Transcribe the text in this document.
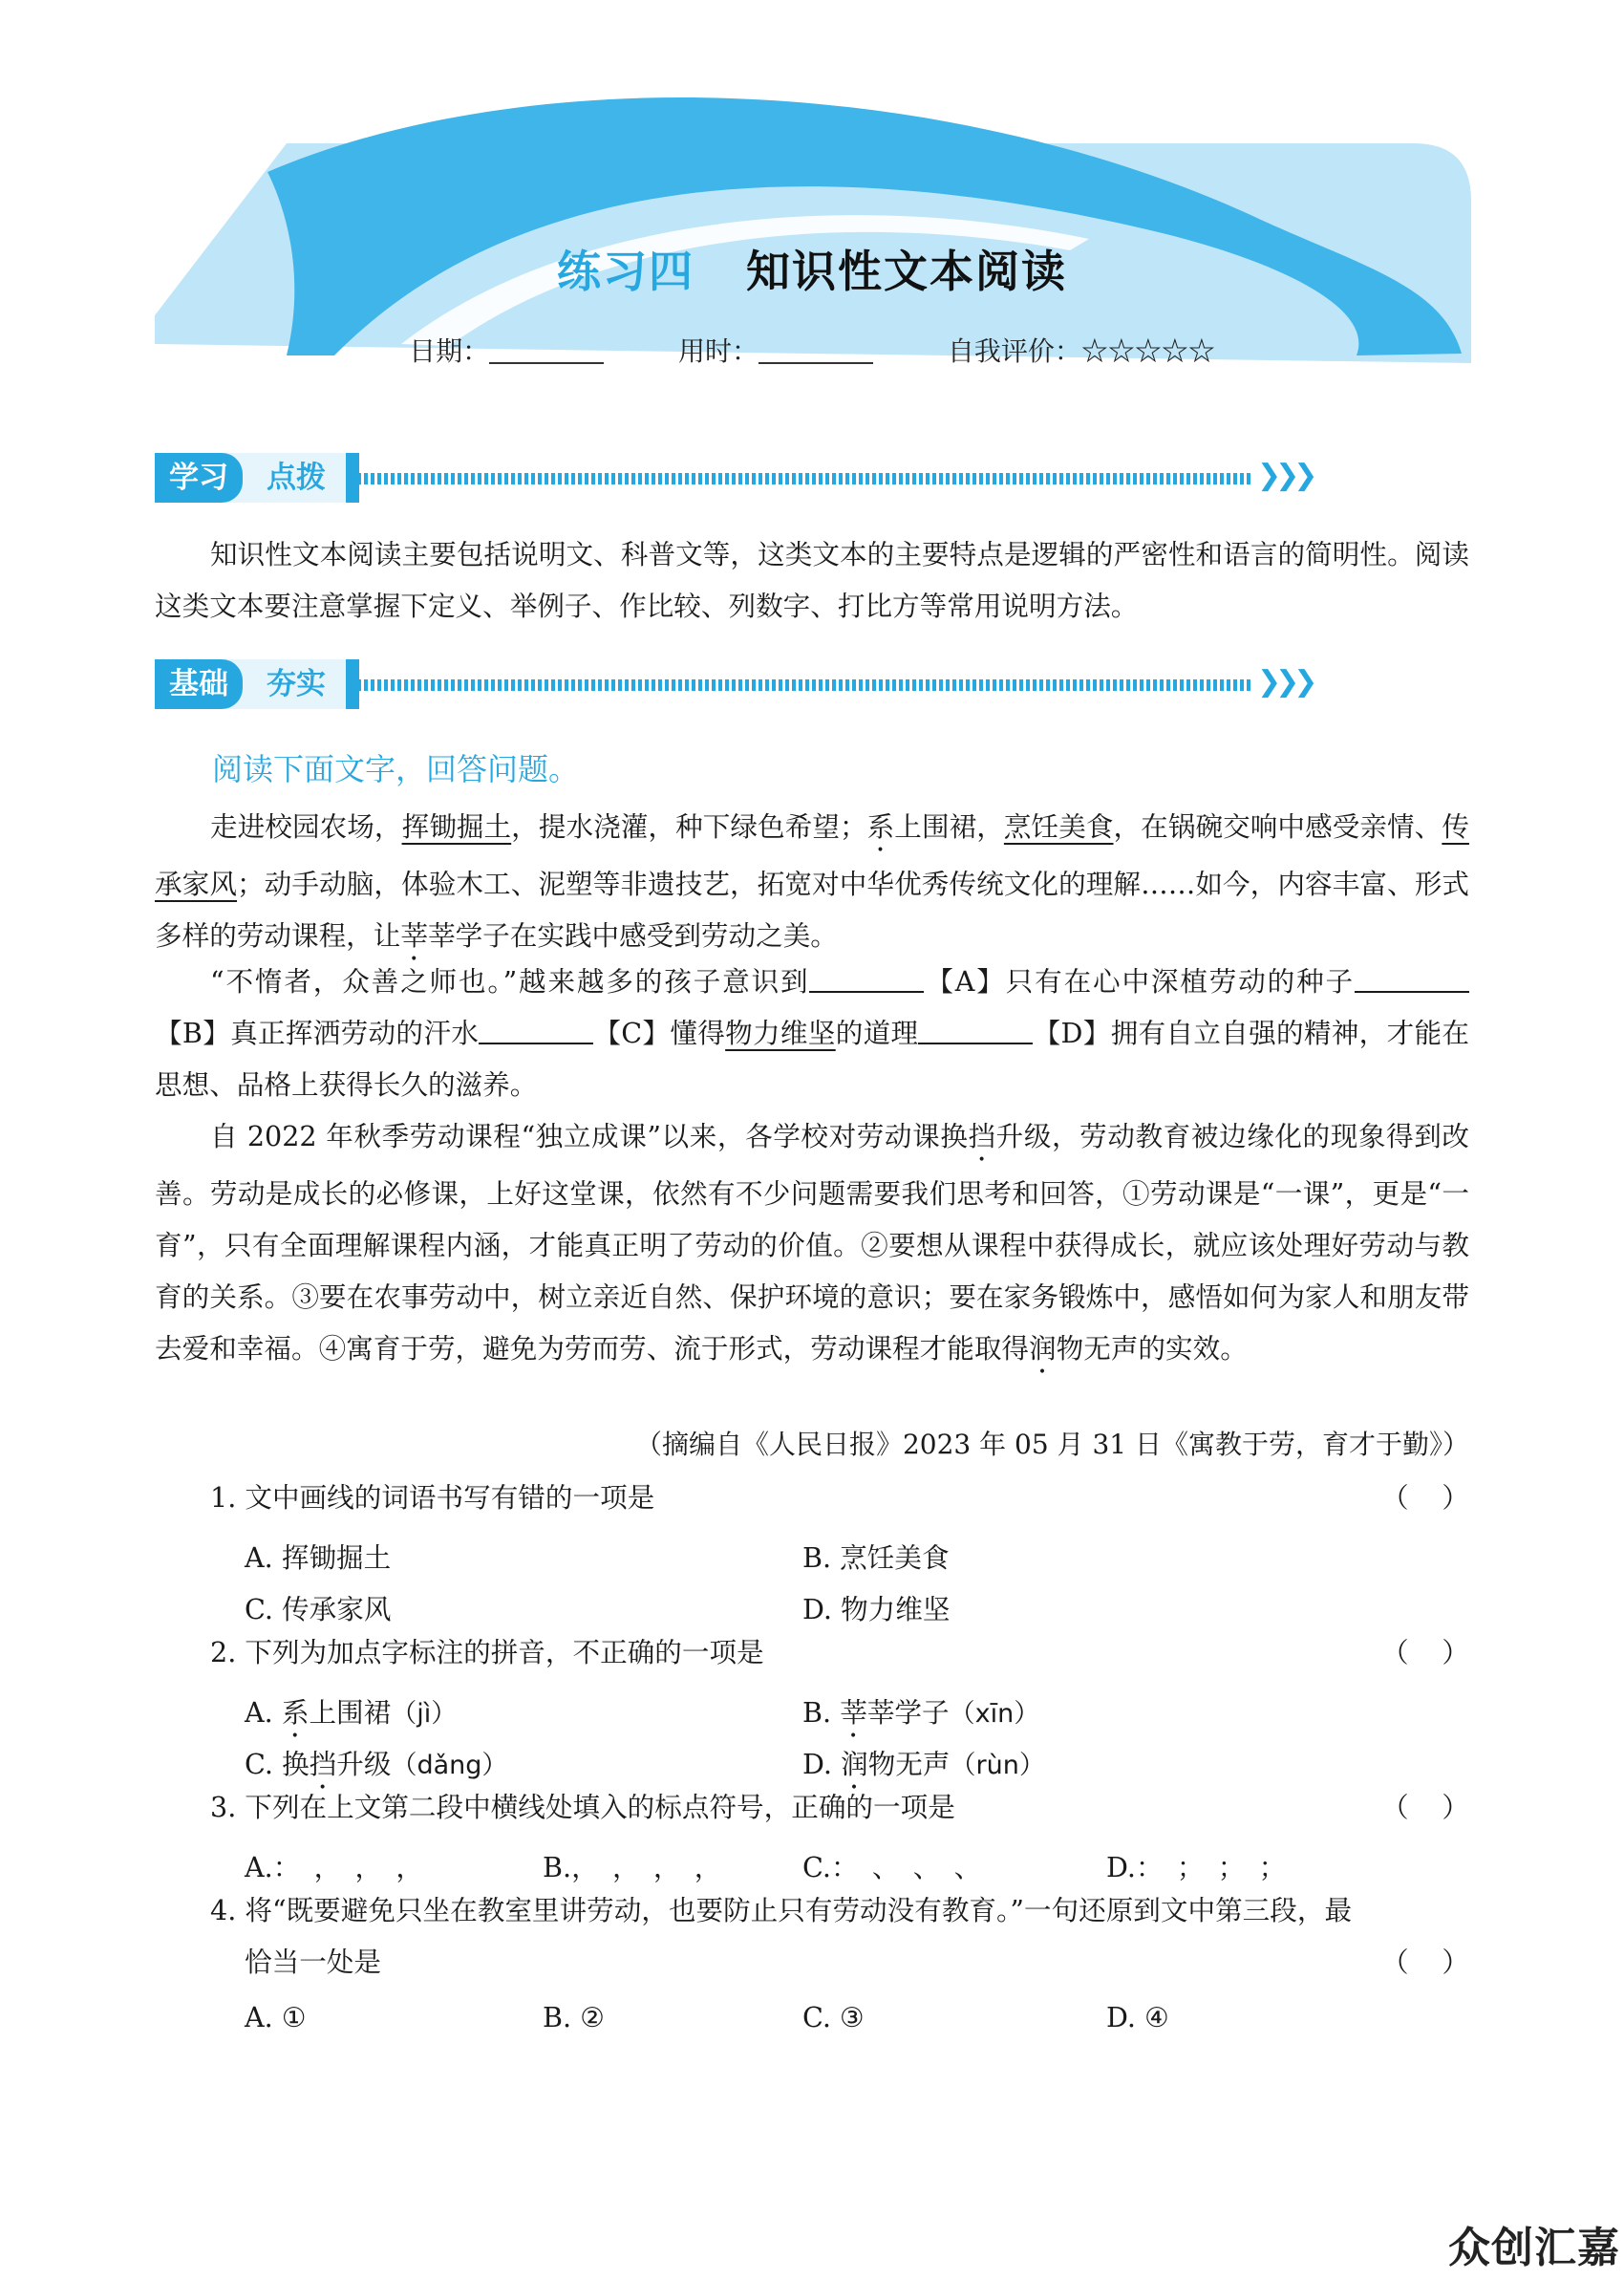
练习四 知识性文本阅读
日期：	用时：	自我评价：☆☆☆☆☆
学习	点拨	❯❯❯

知识性文本阅读主要包括说明文、科普文等，这类文本的主要特点是逻辑的严密性和语言的简明性。阅读这类文本要注意掌握下定义、举例子、作比较、列数字、打比方等常用说明方法。

基础	夯实	❯❯❯
阅读下面文字，回答问题。

走进校园农场，挥锄掘土，提水浇灌，种下绿色希望；系上围裙，烹饪美食，在锅碗交响中感受亲情、传承家风；动手动脑，体验木工、泥塑等非遗技艺，拓宽对中华优秀传统文化的理解……如今，内容丰富、形式多样的劳动课程，让莘莘学子在实践中感受到劳动之美。

“不惰者，众善之师也。”越来越多的孩子意识到	【A】只有在心中深植劳动的种子【B】真正挥洒劳动的汗水	【C】懂得物力维坚的道理	【D】拥有自立自强的精神，才能在思想、品格上获得长久的滋养。

自 2022 年秋季劳动课程“独立成课”以来，各学校对劳动课换挡升级，劳动教育被边缘化的现象得到改善。劳动是成长的必修课，上好这堂课，依然有不少问题需要我们思考和回答，①劳动课是“一课”，更是“一育”，只有全面理解课程内涵，才能真正明了劳动的价值。②要想从课程中获得成长，就应该处理好劳动与教育的关系。③要在农事劳动中，树立亲近自然、保护环境的意识；要在家务锻炼中，感悟如何为家人和朋友带去爱和幸福。④寓育于劳，避免为劳而劳、流于形式，劳动课程才能取得润物无声的实效。

（摘编自《人民日报》2023 年 05 月 31 日《寓教于劳，育才于勤》）
1. 文中画线的词语书写有错的一项是	（ ）
A. 挥锄掘土	B. 烹饪美食
C. 传承家风	D. 物力维坚
2. 下列为加点字标注的拼音，不正确的一项是	（ ）
A. 系上围裙（jì）	B. 莘莘学子（xīn）
C. 换挡升级（dǎng）	D. 润物无声（rùn）
3. 下列在上文第二段中横线处填入的标点符号，正确的一项是	（ ）
A.：　，　，　，	B.，　，　，　，	C.：　、　、　、	D.：　；　；　；
4. 将“既要避免只坐在教室里讲劳动，也要防止只有劳动没有教育。”一句还原到文中第三段，最
恰当一处是	（ ）
A. ①	B. ②	C. ③	D. ④
众创汇嘉
